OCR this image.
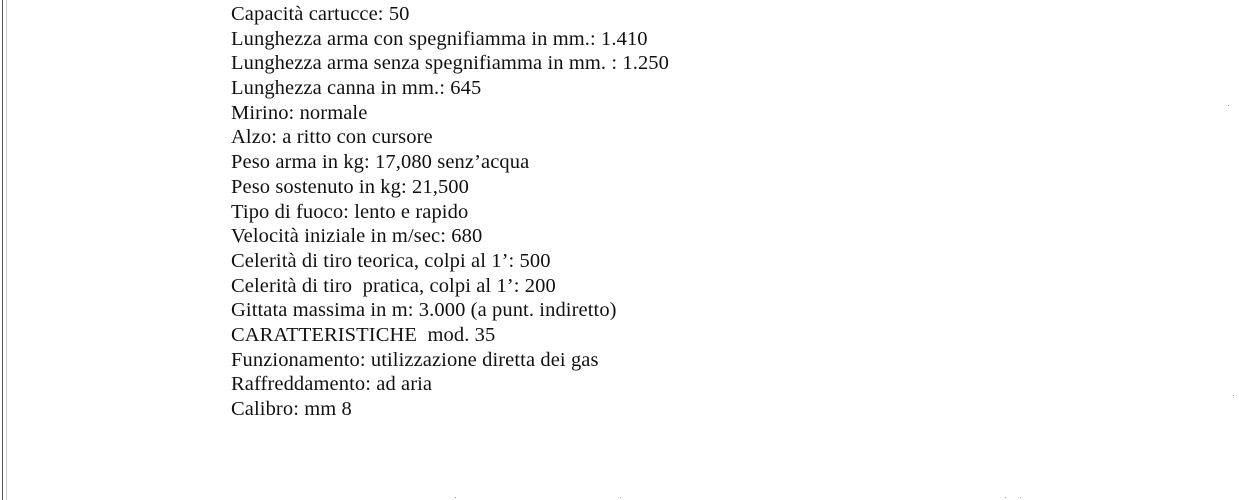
Capacità cartucce: 50
Lunghezza arma con spegnifiamma in mm.: 1.410
Lunghezza arma senza spegnifiamma in mm. : 1.250
Lunghezza canna in mm.: 645
Mirino: normale
Alzo: a ritto con cursore
Peso arma in kg: 17,080 senz’acqua
Peso sostenuto in kg: 21,500
Tipo di fuoco: lento e rapido
Velocità iniziale in m/sec: 680
Celerità di tiro teorica, colpi al 1’: 500
Celerità di tiro  pratica, colpi al 1’: 200
Gittata massima in m: 3.000 (a punt. indiretto)
CARATTERISTICHE  mod. 35
Funzionamento: utilizzazione diretta dei gas
Raffreddamento: ad aria
Calibro: mm 8
